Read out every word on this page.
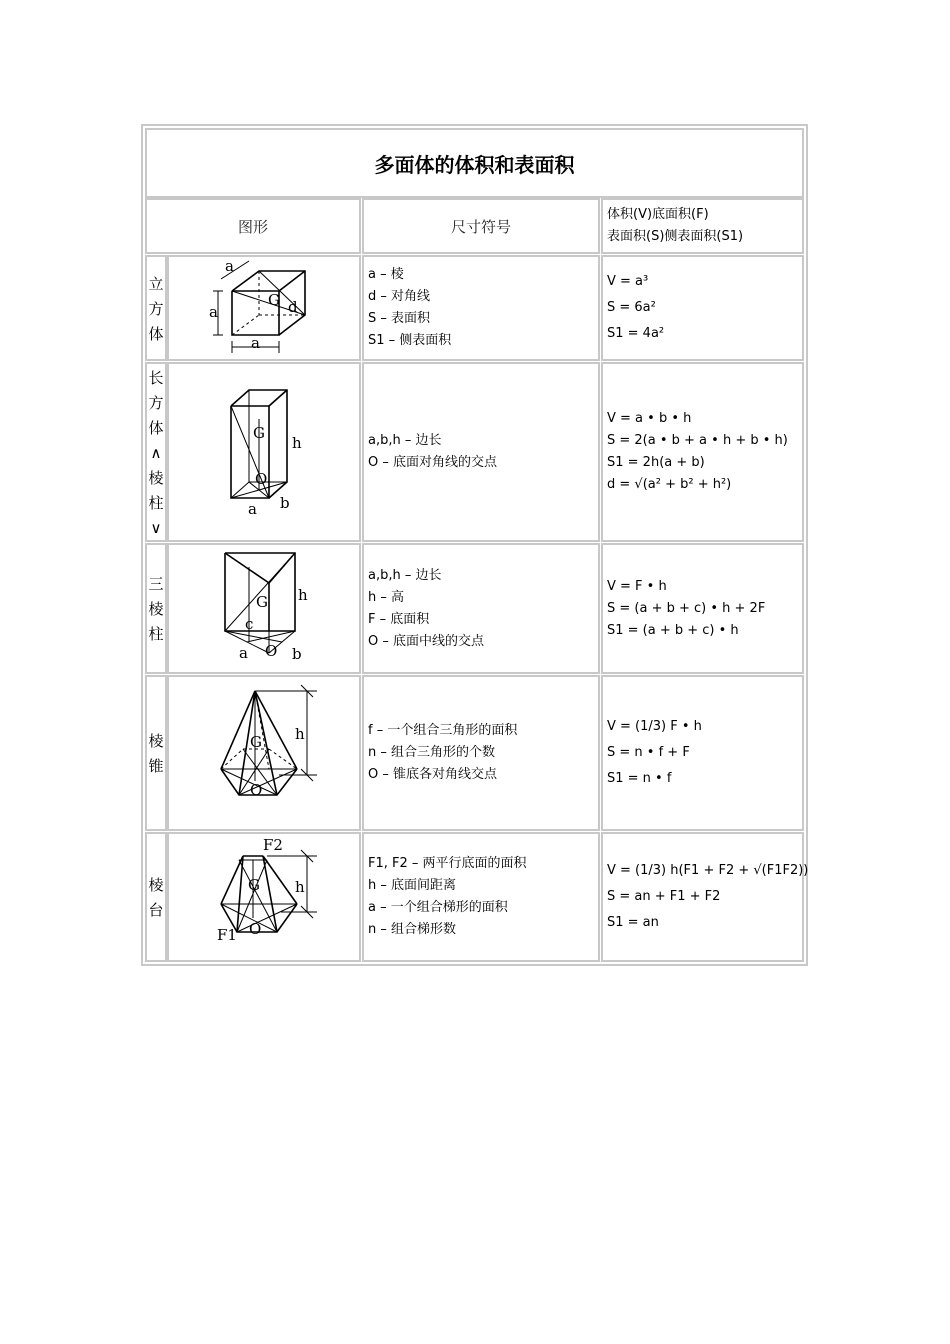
多面体的体积和表面积
图形	尺寸符号
体积(V)底面积(F)
表面积(S)侧表面积(S1)
立
方
体
a
a
a
G d
a – 棱
d – 对角线
S – 表面积
S1 – 侧表面积
V = a³
S = 6a²
S1 = 4a²
长
方
体
∧
棱
柱
∨
G
h
O
a b
a,b,h – 边长
O – 底面对角线的交点
V = a • b • h
S = 2(a • b + a • h + b • h)
S1 = 2h(a + b)
d = √(a² + b² + h²)
三
棱
柱
G h
c
a O b
a,b,h – 边长
h – 高
F – 底面积
O – 底面中线的交点
V = F • h
S = (a + b + c) • h + 2F
S1 = (a + b + c) • h
棱
锥
h
G
O
f – 一个组合三角形的面积
n – 组合三角形的个数
O – 锥底各对角线交点
V = (1/3) F • h
S = n • f + F
S1 = n • f
棱
台
F2
h
G
F1 O
F1, F2 – 两平行底面的面积
h – 底面间距离
a – 一个组合梯形的面积
n – 组合梯形数
V = (1/3) h(F1 + F2 + √(F1F2))
S = an + F1 + F2
S1 = an
